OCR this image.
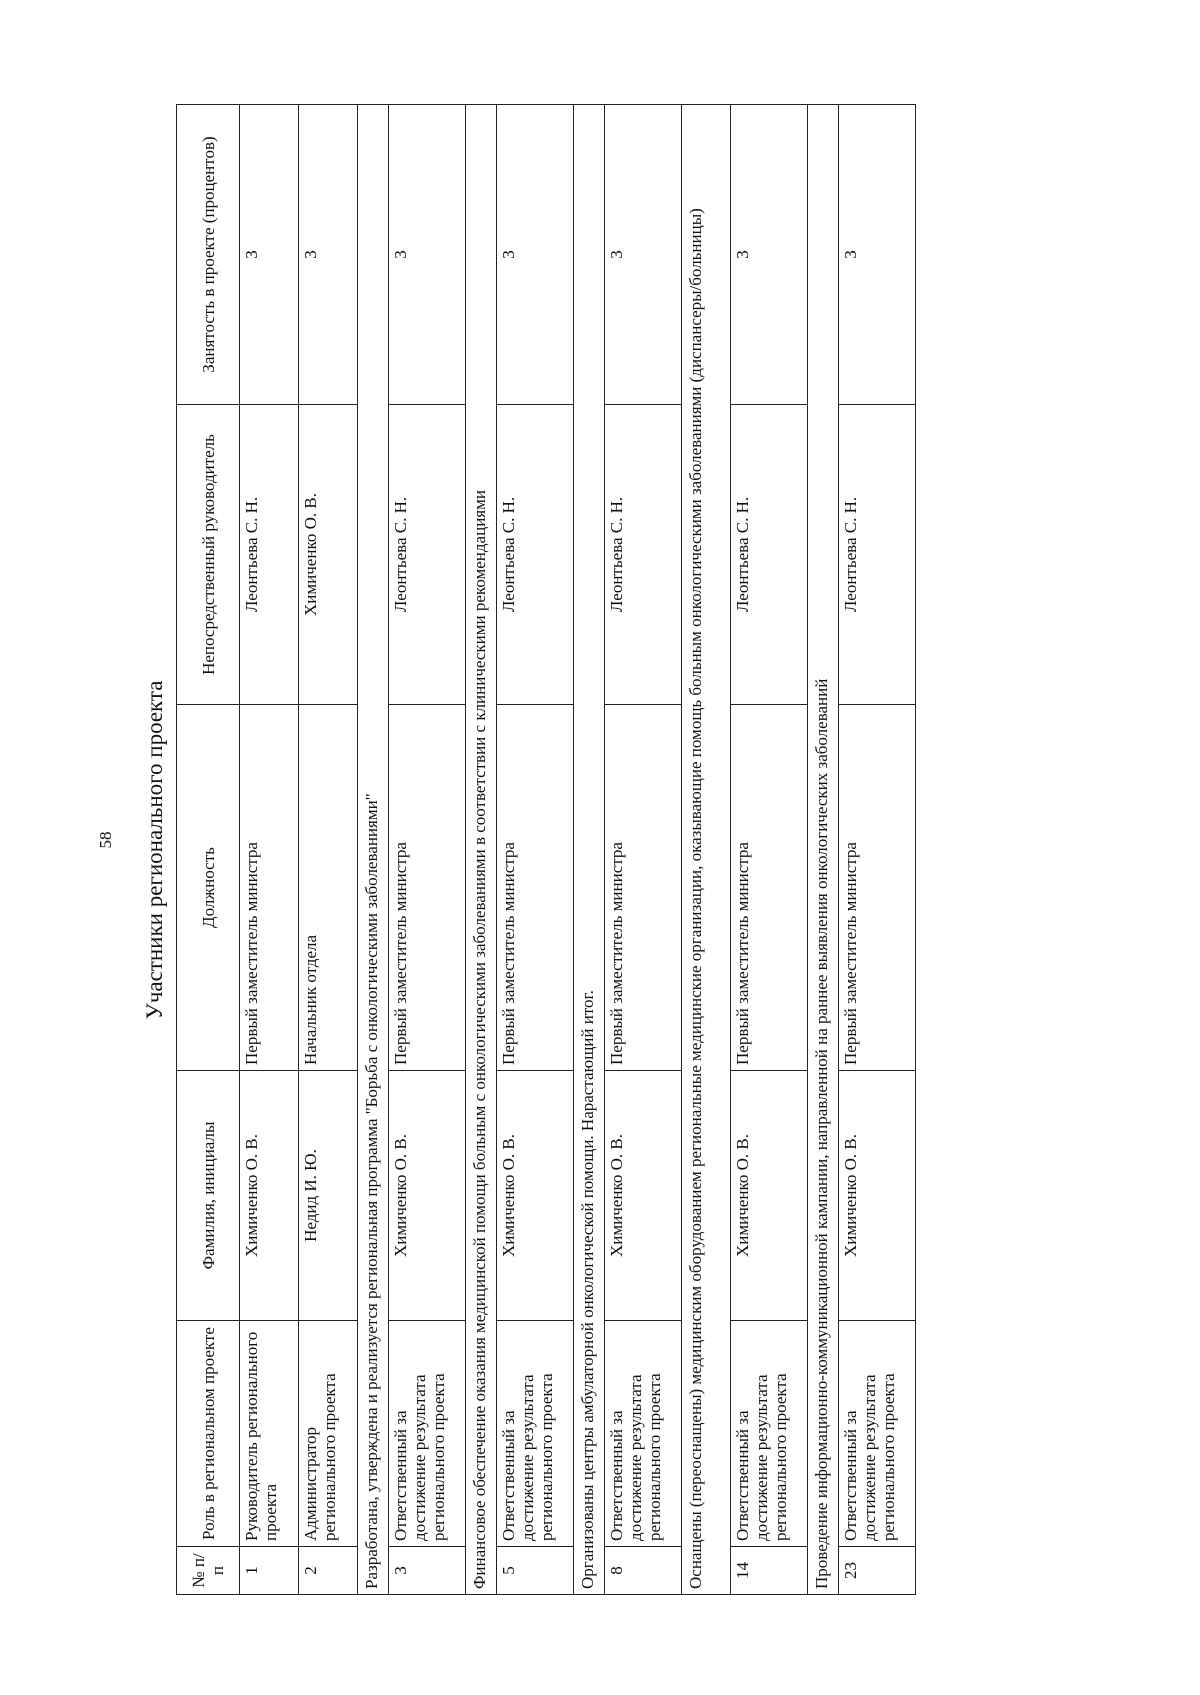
58 Участники регионального проекта
№ п/п	Роль в региональном проекте	Фамилия, инициалы	Должность	Непосредственный руководитель	Занятость в проекте (процентов)
1	Руководитель регионального проекта	Химиченко О. В.	Первый заместитель министра	Леонтьева С. Н.	3
2	Администратор регионального проекта	Недид И. Ю.	Начальник отдела	Химиченко О. В.	3
Разработана, утверждена и реализуется региональная программа "Борьба с онкологическими заболеваниями"					
3	Ответственный за достижение результата регионального проекта	Химиченко О. В.	Первый заместитель министра	Леонтьева С. Н.	3
Финансовое обеспечение оказания медицинской помощи больным с онкологическими заболеваниями в соответствии с клиническими рекомендациями					
5	Ответственный за достижение результата регионального проекта	Химиченко О. В.	Первый заместитель министра	Леонтьева С. Н.	3
Организованы центры амбулаторной онкологической помощи. Нарастающий итог.					
8	Ответственный за достижение результата регионального проекта	Химиченко О. В.	Первый заместитель министра	Леонтьева С. Н.	3
Оснащены (переоснащены) медицинским оборудованием региональные медицинские организации, оказывающие помощь больным онкологическими заболеваниями (диспансеры/больницы)					
14	Ответственный за достижение результата регионального проекта	Химиченко О. В.	Первый заместитель министра	Леонтьева С. Н.	3
Проведение информационно-коммуникационной кампании, направленной на раннее выявления онкологических заболеваний					
23	Ответственный за достижение результата регионального проекта	Химиченко О. В.	Первый заместитель министра	Леонтьева С. Н.	3
